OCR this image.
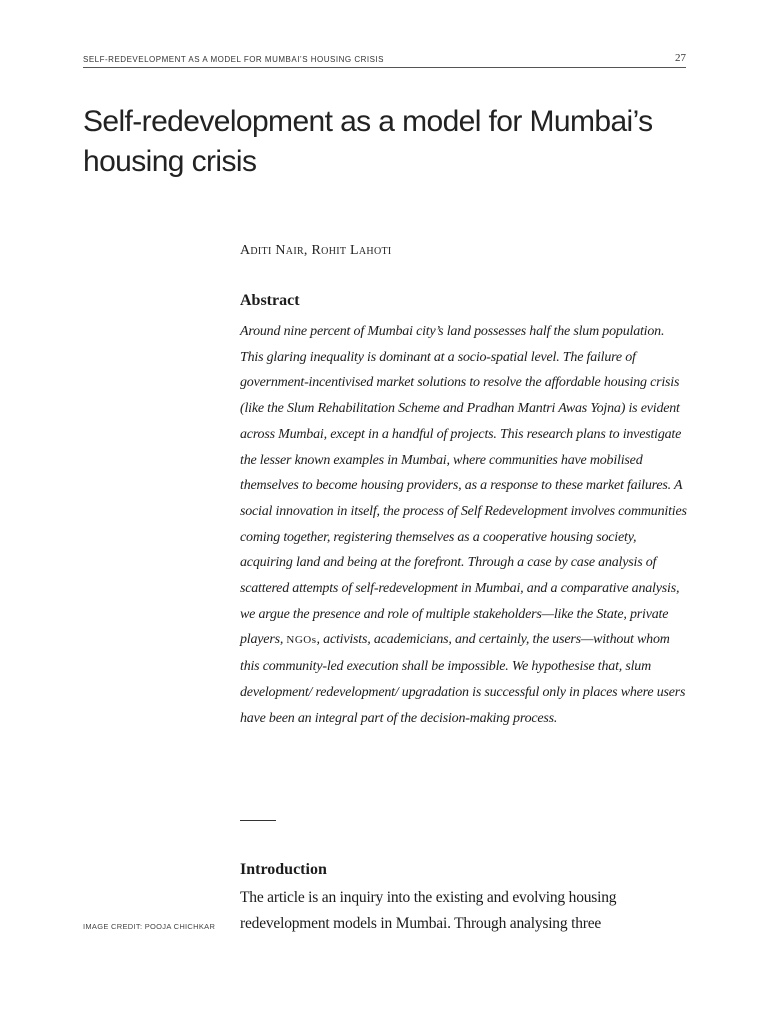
SELF-REDEVELOPMENT AS A MODEL FOR MUMBAI’S HOUSING CRISIS	27
Self-redevelopment as a model for Mumbai’s housing crisis
Aditi Nair, Rohit Lahoti
Abstract

Around nine percent of Mumbai city’s land possesses half the slum population. This glaring inequality is dominant at a socio-spatial level. The failure of government-incentivised market solutions to resolve the affordable housing crisis (like the Slum Rehabilitation Scheme and Pradhan Mantri Awas Yojna) is evident across Mumbai, except in a handful of projects. This research plans to investigate the lesser known examples in Mumbai, where communities have mobilised themselves to become housing providers, as a response to these market failures. A social innovation in itself, the process of Self Redevelopment involves communities coming together, registering themselves as a cooperative housing society, acquiring land and being at the forefront. Through a case by case analysis of scattered attempts of self-redevelopment in Mumbai, and a comparative analysis, we argue the presence and role of multiple stakeholders—like the State, private players, NGOs, activists, academicians, and certainly, the users—without whom this community-led execution shall be impossible. We hypothesise that, slum development/ redevelopment/ upgradation is successful only in places where users have been an integral part of the decision-making process.

Introduction

The article is an inquiry into the existing and evolving housing redevelopment models in Mumbai. Through analysing three

IMAGE CREDIT: POOJA CHICHKAR
